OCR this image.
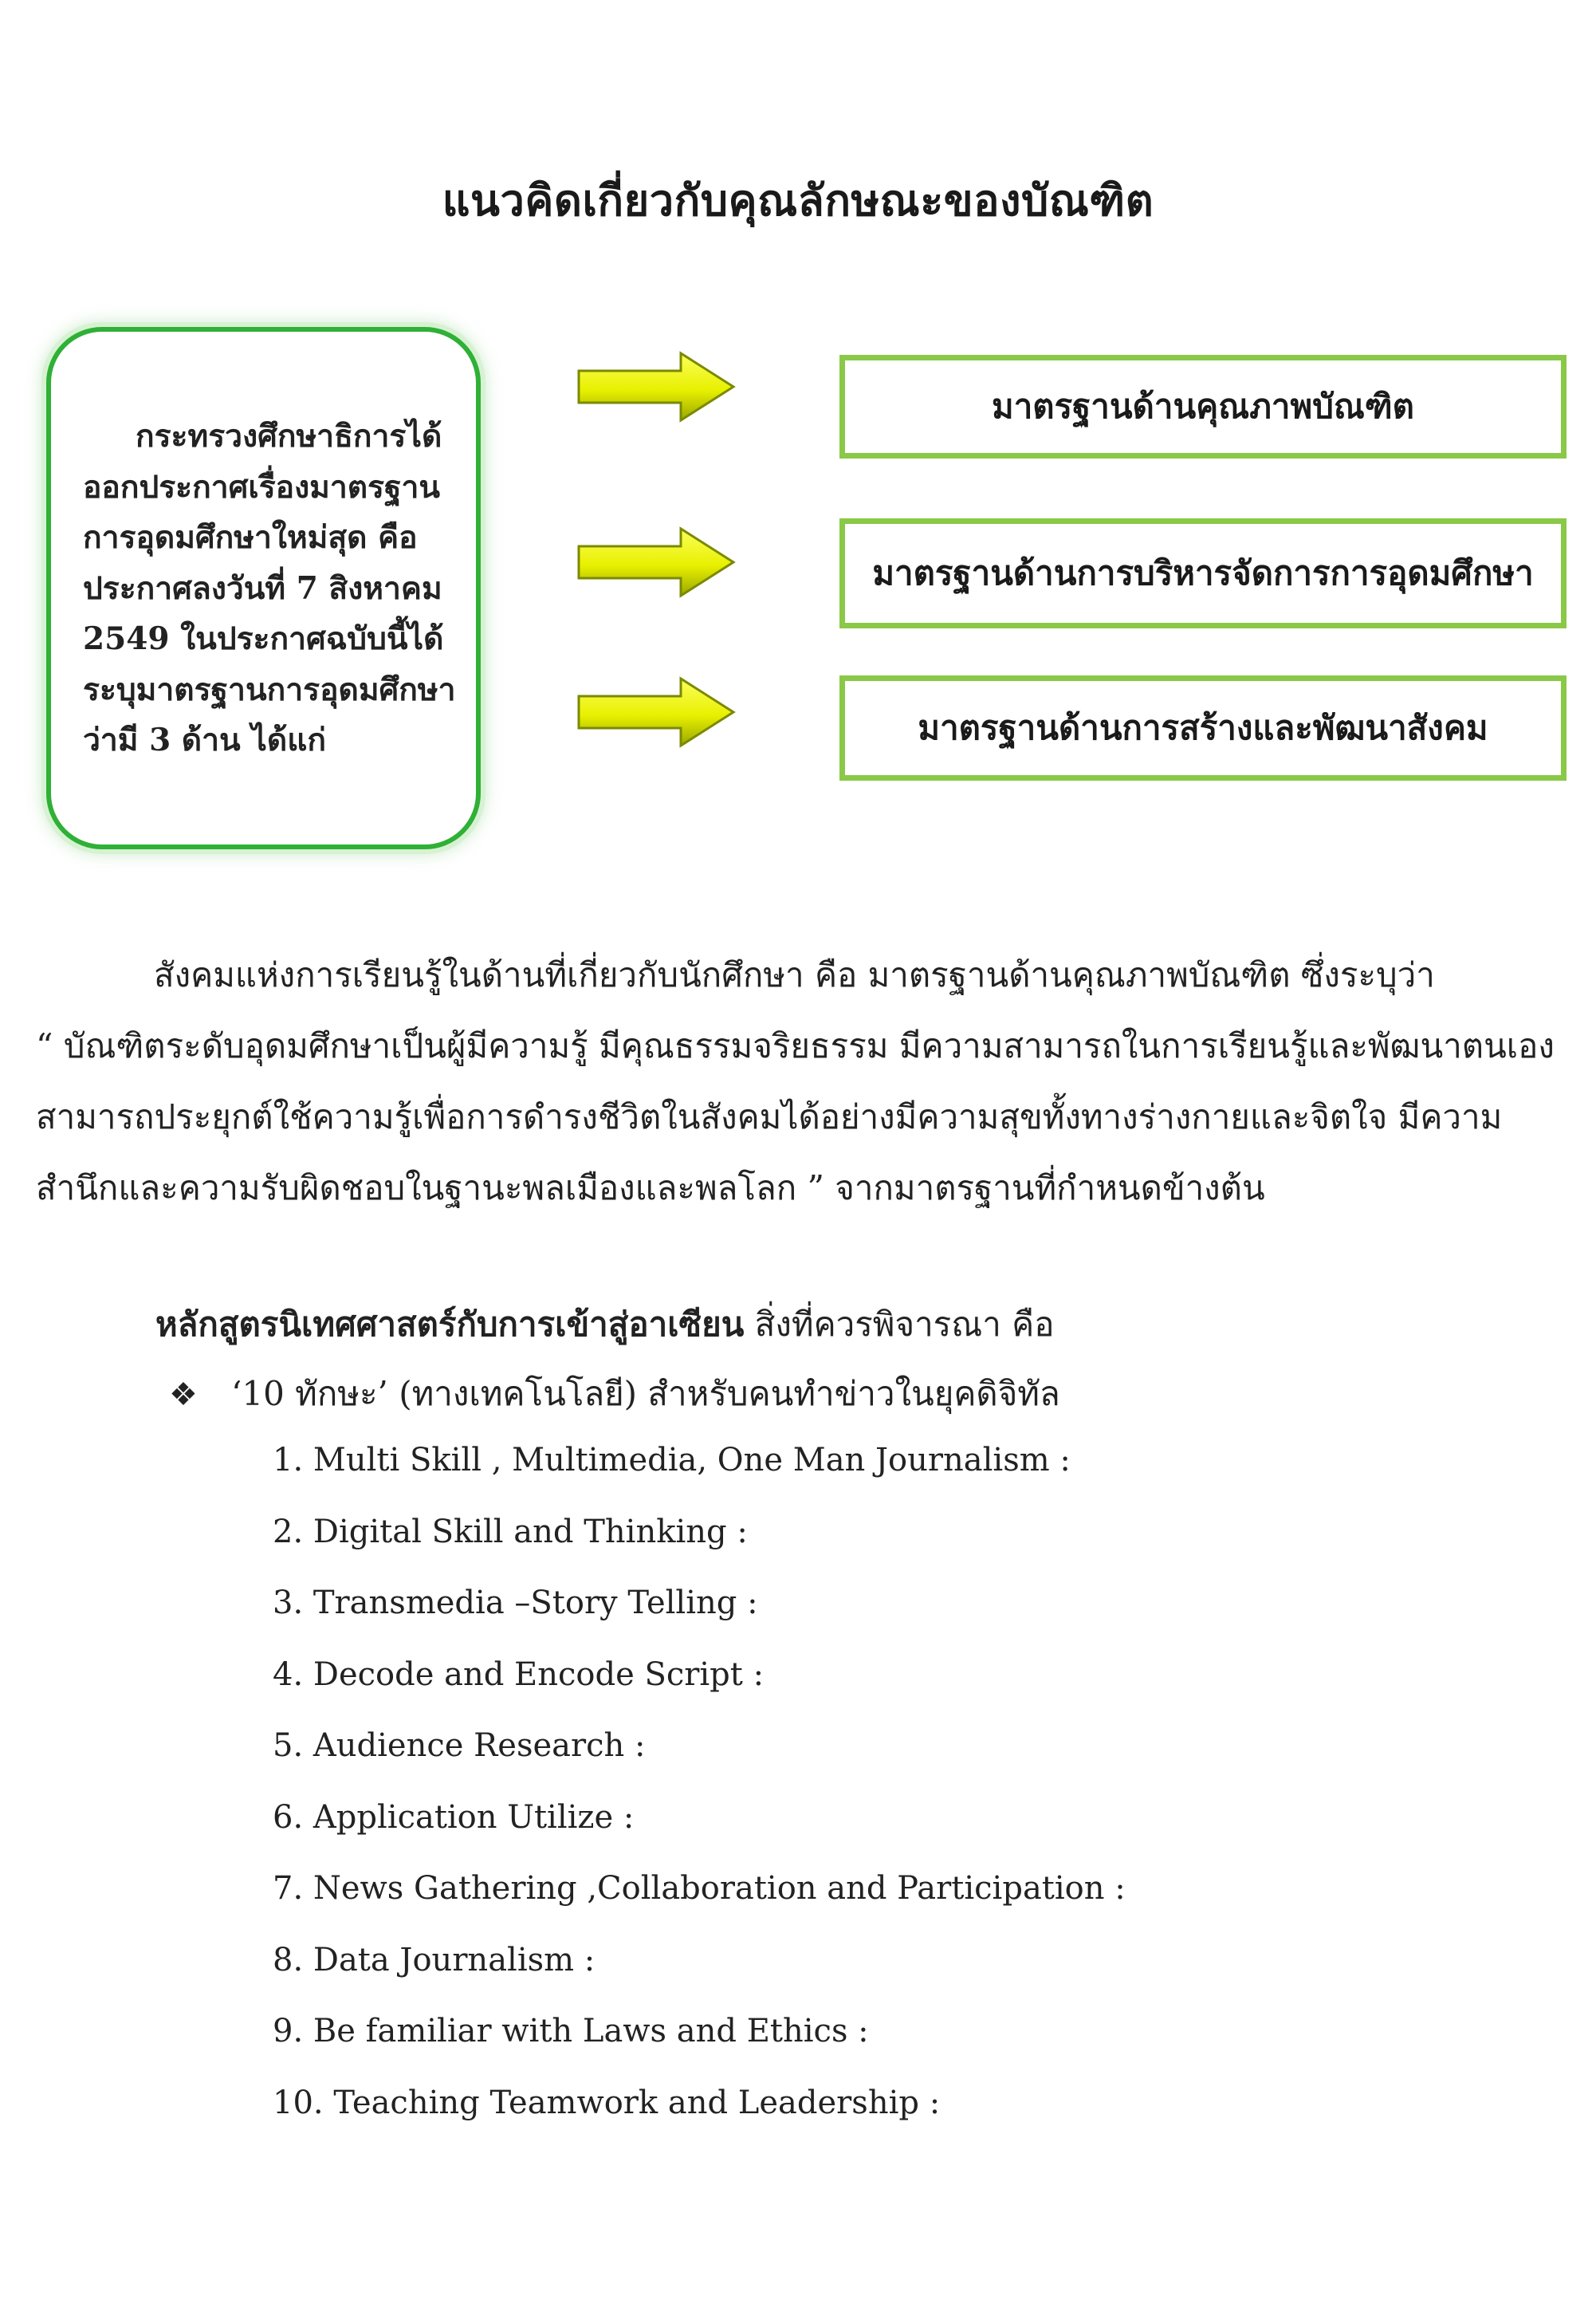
แนวคิดเกี่ยวกับคุณลักษณะของบัณฑิต
กระทรวงศึกษาธิการได้
ออกประกาศเรื่องมาตรฐาน
การอุดมศึกษาใหม่สุด คือ
ประกาศลงวันที่ 7 สิงหาคม
2549 ในประกาศฉบับนี้ได้
ระบุมาตรฐานการอุดมศึกษา
ว่ามี 3 ด้าน ได้แก่
มาตรฐานด้านคุณภาพบัณฑิต
มาตรฐานด้านการบริหารจัดการการอุดมศึกษา
มาตรฐานด้านการสร้างและพัฒนาสังคม
สังคมแห่งการเรียนรู้ในด้านที่เกี่ยวกับนักศึกษา คือ มาตรฐานด้านคุณภาพบัณฑิต ซึ่งระบุว่า
“ บัณฑิตระดับอุดมศึกษาเป็นผู้มีความรู้ มีคุณธรรมจริยธรรม มีความสามารถในการเรียนรู้และพัฒนาตนเอง
สามารถประยุกต์ใช้ความรู้เพื่อการดำรงชีวิตในสังคมได้อย่างมีความสุขทั้งทางร่างกายและจิตใจ มีความ
สำนึกและความรับผิดชอบในฐานะพลเมืองและพลโลก ” จากมาตรฐานที่กำหนดข้างต้น
หลักสูตรนิเทศศาสตร์กับการเข้าสู่อาเซียน สิ่งที่ควรพิจารณา คือ
❖ ‘10 ทักษะ’ (ทางเทคโนโลยี) สำหรับคนทำข่าวในยุคดิจิทัล
1. Multi Skill , Multimedia, One Man Journalism :
2. Digital Skill and Thinking :
3. Transmedia –Story Telling :
4. Decode and Encode Script :
5. Audience Research :
6. Application Utilize :
7. News Gathering ,Collaboration and Participation :
8. Data Journalism :
9. Be familiar with Laws and Ethics :
10. Teaching Teamwork and Leadership :
